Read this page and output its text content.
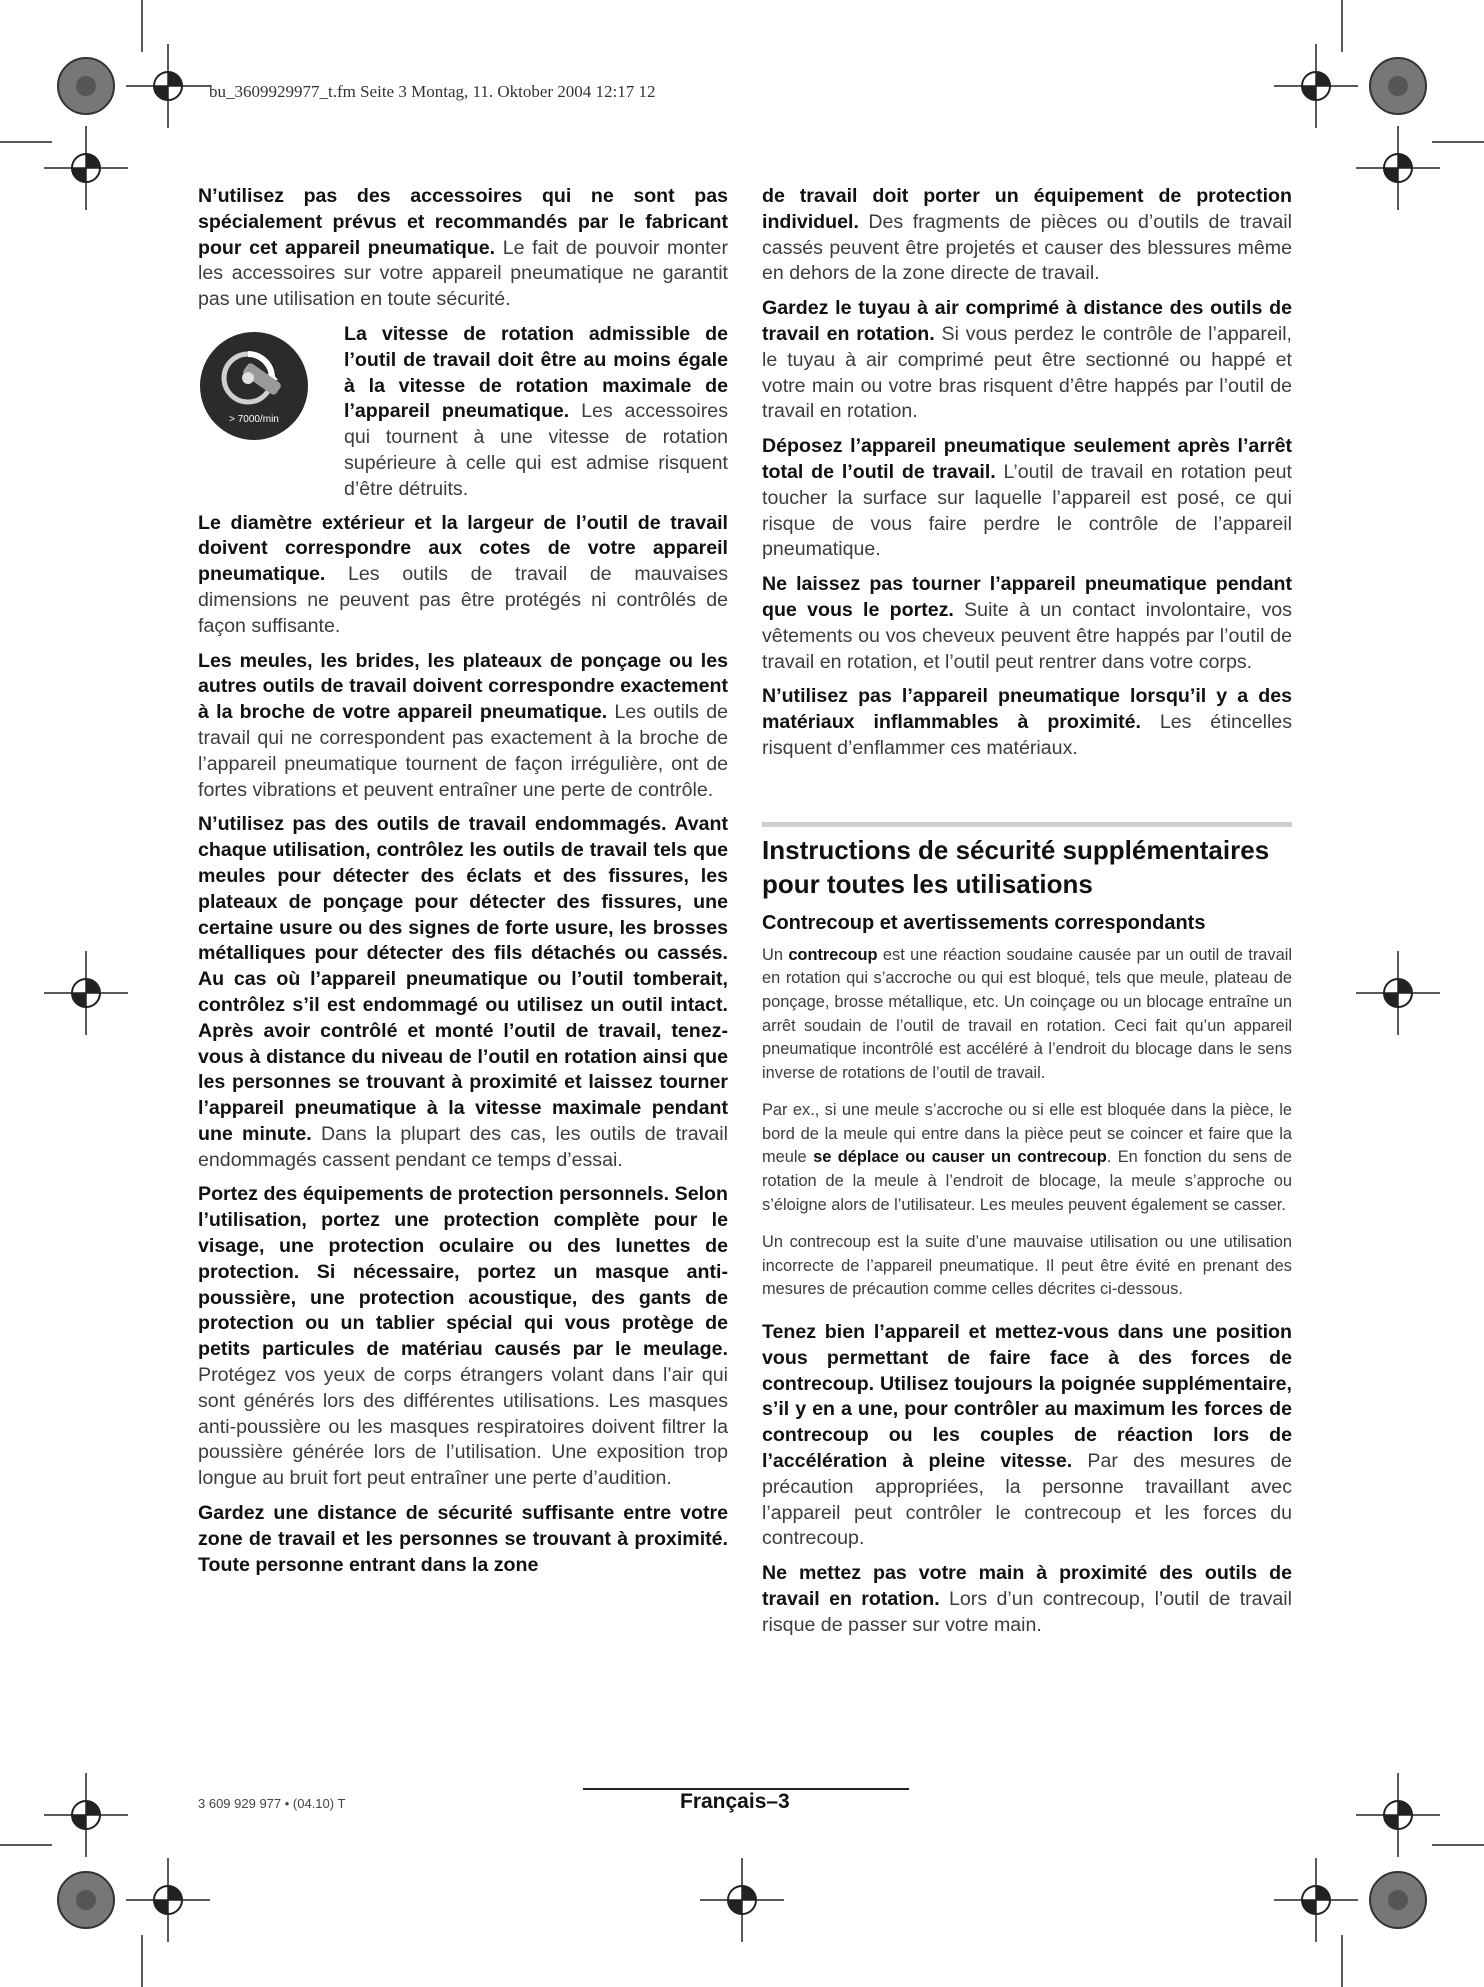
bu_3609929977_t.fm Seite 3 Montag, 11. Oktober 2004 12:17 12

N’utilisez pas des accessoires qui ne sont pas spécialement prévus et recommandés par le fabricant pour cet appareil pneumatique. Le fait de pouvoir monter les accessoires sur votre appareil pneumatique ne garantit pas une utilisation en toute sécurité.

> 7000/min

La vitesse de rotation admissible de l’outil de travail doit être au moins égale à la vitesse de rotation maximale de l’appareil pneumatique. Les accessoires qui tournent à une vitesse de rotation supérieure à celle qui est admise risquent d’être détruits.

Le diamètre extérieur et la largeur de l’outil de travail doivent correspondre aux cotes de votre appareil pneumatique. Les outils de travail de mauvaises dimensions ne peuvent pas être protégés ni contrôlés de façon suffisante.

Les meules, les brides, les plateaux de ponçage ou les autres outils de travail doivent correspondre exactement à la broche de votre appareil pneumatique. Les outils de travail qui ne correspondent pas exactement à la broche de l’appareil pneumatique tournent de façon irrégulière, ont de fortes vibrations et peuvent entraîner une perte de contrôle.

N’utilisez pas des outils de travail endommagés. Avant chaque utilisation, contrôlez les outils de travail tels que meules pour détecter des éclats et des fissures, les plateaux de ponçage pour détecter des fissures, une certaine usure ou des signes de forte usure, les brosses métalliques pour détecter des fils détachés ou cassés. Au cas où l’appareil pneumatique ou l’outil tomberait, contrôlez s’il est endommagé ou utilisez un outil intact. Après avoir contrôlé et monté l’outil de travail, tenez-vous à distance du niveau de l’outil en rotation ainsi que les personnes se trouvant à proximité et laissez tourner l’appareil pneumatique à la vitesse maximale pendant une minute. Dans la plupart des cas, les outils de travail endommagés cassent pendant ce temps d’essai.

Portez des équipements de protection personnels. Selon l’utilisation, portez une protection complète pour le visage, une protection oculaire ou des lunettes de protection. Si nécessaire, portez un masque anti-poussière, une protection acoustique, des gants de protection ou un tablier spécial qui vous protège de petits particules de matériau causés par le meulage. Protégez vos yeux de corps étrangers volant dans l’air qui sont générés lors des différentes utilisations. Les masques anti-poussière ou les masques respiratoires doivent filtrer la poussière générée lors de l’utilisation. Une exposition trop longue au bruit fort peut entraîner une perte d’audition.

Gardez une distance de sécurité suffisante entre votre zone de travail et les personnes se trouvant à proximité. Toute personne entrant dans la zone

de travail doit porter un équipement de protection individuel. Des fragments de pièces ou d’outils de travail cassés peuvent être projetés et causer des blessures même en dehors de la zone directe de travail.

Gardez le tuyau à air comprimé à distance des outils de travail en rotation. Si vous perdez le contrôle de l’appareil, le tuyau à air comprimé peut être sectionné ou happé et votre main ou votre bras risquent d’être happés par l’outil de travail en rotation.

Déposez l’appareil pneumatique seulement après l’arrêt total de l’outil de travail. L’outil de travail en rotation peut toucher la surface sur laquelle l’appareil est posé, ce qui risque de vous faire perdre le contrôle de l’appareil pneumatique.

Ne laissez pas tourner l’appareil pneumatique pendant que vous le portez. Suite à un contact involontaire, vos vêtements ou vos cheveux peuvent être happés par l’outil de travail en rotation, et l’outil peut rentrer dans votre corps.

N’utilisez pas l’appareil pneumatique lorsqu’il y a des matériaux inflammables à proximité. Les étincelles risquent d’enflammer ces matériaux.

Instructions de sécurité supplémentaires pour toutes les utilisations
Contrecoup et avertissements correspondants

Un contrecoup est une réaction soudaine causée par un outil de travail en rotation qui s’accroche ou qui est bloqué, tels que meule, plateau de ponçage, brosse métallique, etc. Un coinçage ou un blocage entraîne un arrêt soudain de l’outil de travail en rotation. Ceci fait qu’un appareil pneumatique incontrôlé est accéléré à l’endroit du blocage dans le sens inverse de rotations de l’outil de travail.

Par ex., si une meule s’accroche ou si elle est bloquée dans la pièce, le bord de la meule qui entre dans la pièce peut se coincer et faire que la meule se déplace ou causer un contrecoup. En fonction du sens de rotation de la meule à l’endroit de blocage, la meule s’approche ou s’éloigne alors de l’utilisateur. Les meules peuvent également se casser.

Un contrecoup est la suite d’une mauvaise utilisation ou une utilisation incorrecte de l’appareil pneumatique. Il peut être évité en prenant des mesures de précaution comme celles décrites ci-dessous.

Tenez bien l’appareil et mettez-vous dans une position vous permettant de faire face à des forces de contrecoup. Utilisez toujours la poignée supplémentaire, s’il y en a une, pour contrôler au maximum les forces de contrecoup ou les couples de réaction lors de l’accélération à pleine vitesse. Par des mesures de précaution appropriées, la personne travaillant avec l’appareil peut contrôler le contrecoup et les forces du contrecoup.

Ne mettez pas votre main à proximité des outils de travail en rotation. Lors d’un contrecoup, l’outil de travail risque de passer sur votre main.

3 609 929 977 • (04.10) T	Français–3
